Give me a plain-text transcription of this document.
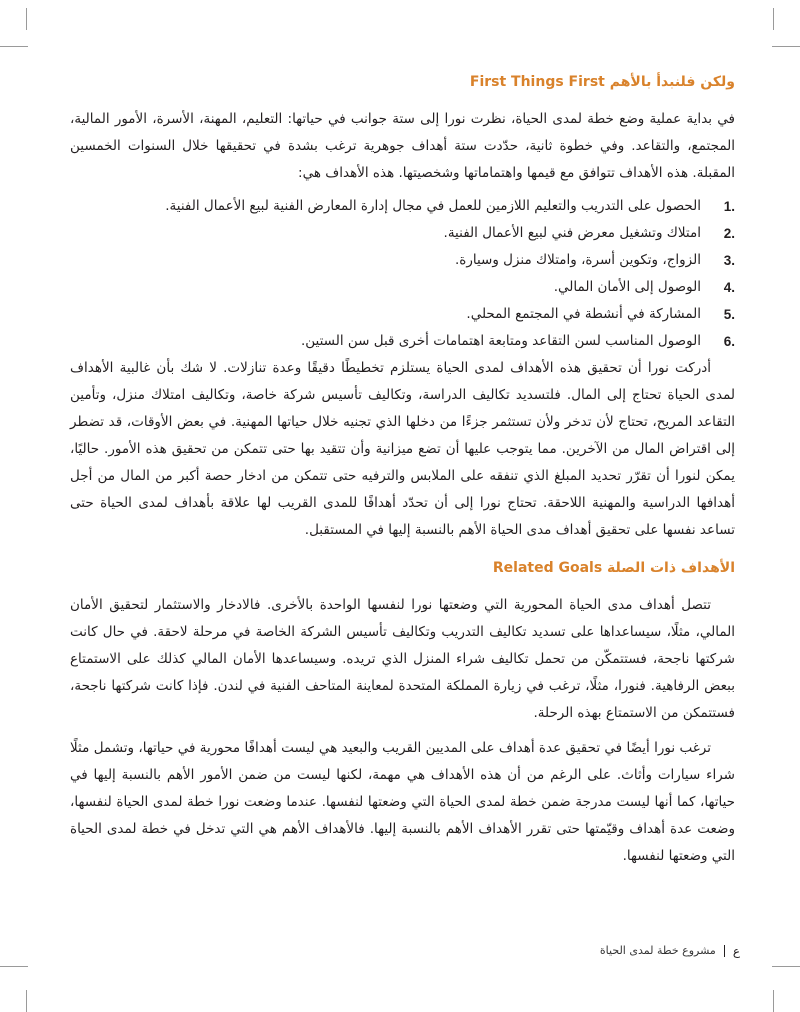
ولكن فلنبدأ بالأهم First Things First

في بداية عملية وضع خطة لمدى الحياة، نظرت نورا إلى ستة جوانب في حياتها: التعليم، المهنة، الأسرة، الأمور المالية، المجتمع، والتقاعد. وفي خطوة ثانية، حدّدت ستة أهداف جوهرية ترغب بشدة في تحقيقها خلال السنوات الخمسين المقبلة. هذه الأهداف تتوافق مع قيمها واهتماماتها وشخصيتها. هذه الأهداف هي:

1.
الحصول على التدريب والتعليم اللازمين للعمل في مجال إدارة المعارض الفنية لبيع الأعمال الفنية.
2.
امتلاك وتشغيل معرض فني لبيع الأعمال الفنية.
3.
الزواج، وتكوين أسرة، وامتلاك منزل وسيارة.
4.
الوصول إلى الأمان المالي.
5.
المشاركة في أنشطة في المجتمع المحلي.
6.
الوصول المناسب لسن التقاعد ومتابعة اهتمامات أخرى قبل سن الستين.

أدركت نورا أن تحقيق هذه الأهداف لمدى الحياة يستلزم تخطيطًا دقيقًا وعدة تنازلات. لا شك بأن غالبية الأهداف لمدى الحياة تحتاج إلى المال. فلتسديد تكاليف الدراسة، وتكاليف تأسيس شركة خاصة، وتكاليف امتلاك منزل، وتأمين التقاعد المريح، تحتاج لأن تدخر ولأن تستثمر جزءًا من دخلها الذي تجنيه خلال حياتها المهنية. في بعض الأوقات، قد تضطر إلى اقتراض المال من الآخرين. مما يتوجب عليها أن تضع ميزانية وأن تتقيد بها حتى تتمكن من تحقيق هذه الأمور. حاليًا، يمكن لنورا أن تقرّر تحديد المبلغ الذي تنفقه على الملابس والترفيه حتى تتمكن من ادخار حصة أكبر من المال من أجل أهدافها الدراسية والمهنية اللاحقة. تحتاج نورا إلى أن تحدّد أهدافًا للمدى القريب لها علاقة بأهداف لمدى الحياة حتى تساعد نفسها على تحقيق أهداف مدى الحياة الأهم بالنسبة إليها في المستقبل.

الأهداف ذات الصلة Related Goals

تتصل أهداف مدى الحياة المحورية التي وضعتها نورا لنفسها الواحدة بالأخرى. فالادخار والاستثمار لتحقيق الأمان المالي، مثلًا، سيساعداها على تسديد تكاليف التدريب وتكاليف تأسيس الشركة الخاصة في مرحلة لاحقة. في حال كانت شركتها ناجحة، فستتمكّن من تحمل تكاليف شراء المنزل الذي تريده. وسيساعدها الأمان المالي كذلك على الاستمتاع ببعض الرفاهية. فنورا، مثلًا، ترغب في زيارة المملكة المتحدة لمعاينة المتاحف الفنية في لندن. فإذا كانت شركتها ناجحة، فستتمكن من الاستمتاع بهذه الرحلة.

ترغب نورا أيضًا في تحقيق عدة أهداف على المديين القريب والبعيد هي ليست أهدافًا محورية في حياتها، وتشمل مثلًا شراء سيارات وأثاث. على الرغم من أن هذه الأهداف هي مهمة، لكنها ليست من ضمن الأمور الأهم بالنسبة إليها في حياتها، كما أنها ليست مدرجة ضمن خطة لمدى الحياة التي وضعتها لنفسها. عندما وضعت نورا خطة لمدى الحياة لنفسها، وضعت عدة أهداف وقيّمتها حتى تقرر الأهداف الأهم بالنسبة إليها. فالأهداف الأهم هي التي تدخل في خطة لمدى الحياة التي وضعتها لنفسها.

ع
مشروع خطة لمدى الحياة
